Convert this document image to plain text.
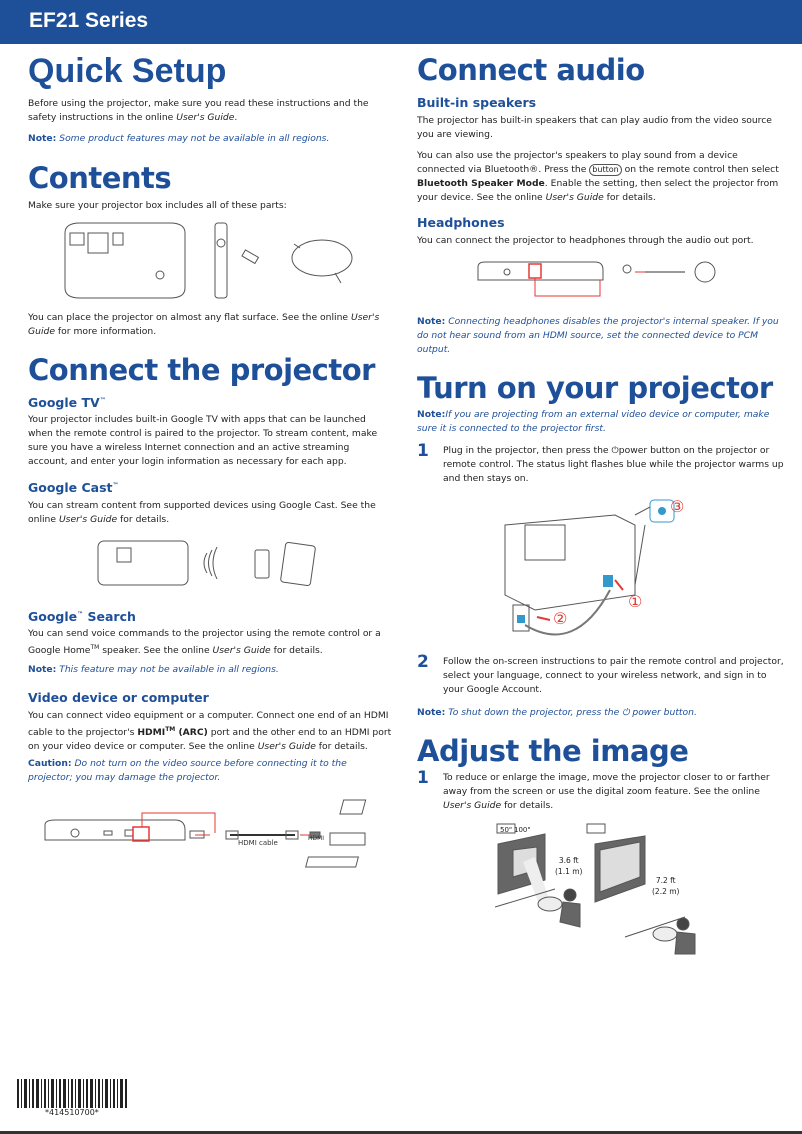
EF21 Series
Quick Setup
Before using the projector, make sure you read these instructions and the safety instructions in the online User's Guide.
Note: Some product features may not be available in all regions.
Contents
Make sure your projector box includes all of these parts:
You can place the projector on almost any flat surface. See the online User's Guide for more information.
Connect the projector
Google TV™
Your projector includes built-in Google TV with apps that can be launched when the remote control is paired to the projector. To stream content, make sure you have a wireless Internet connection and an active streaming account, and enter your login information as necessary for each app.
Google Cast™
You can stream content from supported devices using Google Cast. See the online User's Guide for details.
Google™ Search
You can send voice commands to the projector using the remote control or a Google Home™ speaker. See the online User's Guide for details.
Note: This feature may not be available in all regions.
Video device or computer
You can connect video equipment or a computer. Connect one end of an HDMI cable to the projector's HDMI™ (ARC) port and the other end to an HDMI port on your video device or computer. See the online User's Guide for details.
Caution: Do not turn on the video source before connecting it to the projector; you may damage the projector.
HDMI cable
HDMI
Connect audio
Built-in speakers
The projector has built-in speakers that can play audio from the video source you are viewing.
You can also use the projector's speakers to play sound from a device connected via Bluetooth®. Press the button on the remote control then select Bluetooth Speaker Mode. Enable the setting, then select the projector from your device. See the online User's Guide for details.
Headphones
You can connect the projector to headphones through the audio out port.
Note: Connecting headphones disables the projector's internal speaker. If you do not hear sound from an HDMI source, set the connected device to PCM output.
Turn on your projector
Note:If you are projecting from an external video device or computer, make sure it is connected to the projector first.
1 Plug in the projector, then press the ⏻power button on the projector or remote control. The status light flashes blue while the projector warms up and then stays on.
①
②
③
2 Follow the on-screen instructions to pair the remote control and projector, select your language, connect to your wireless network, and sign in to your Google Account.
Note: To shut down the projector, press the ⏻ power button.
Adjust the image
1 To reduce or enlarge the image, move the projector closer to or farther away from the screen or use the digital zoom feature. See the online User's Guide for details.
50" 100"
3.6 ft
(1.1 m)
7.2 ft
(2.2 m)
*414510700*
